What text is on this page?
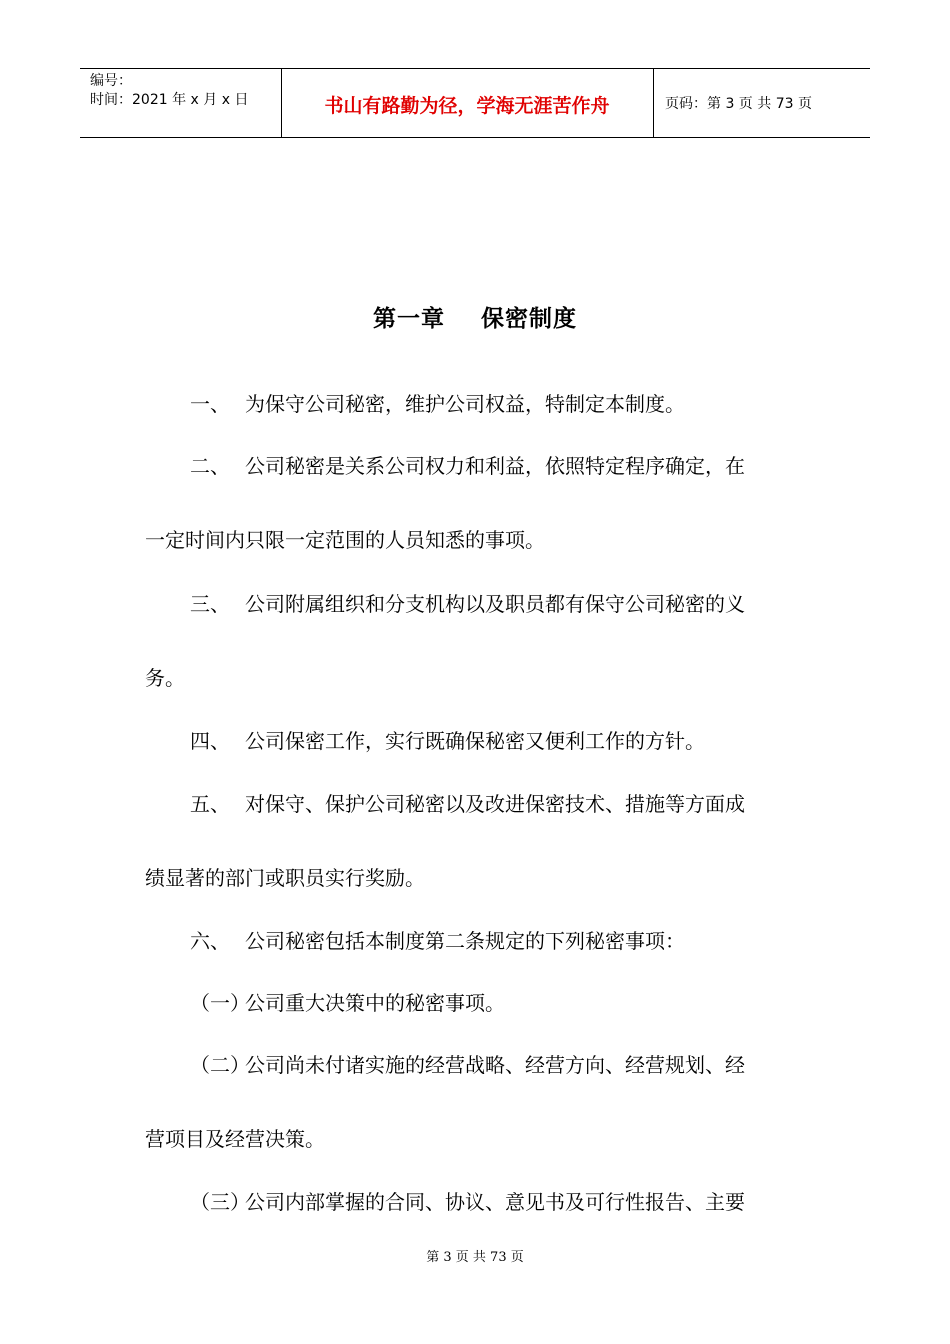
编号：
时间：2021 年 x 月 x 日	书山有路勤为径，学海无涯苦作舟	页码：第 3 页 共 73 页
第一章    保密制度
一、 为保守公司秘密，维护公司权益，特制定本制度。
二、 公司秘密是关系公司权力和利益，依照特定程序确定，在
一定时间内只限一定范围的人员知悉的事项。
三、 公司附属组织和分支机构以及职员都有保守公司秘密的义
务。
四、 公司保密工作，实行既确保秘密又便利工作的方针。
五、 对保守、保护公司秘密以及改进保密技术、措施等方面成
绩显著的部门或职员实行奖励。
六、 公司秘密包括本制度第二条规定的下列秘密事项：
（一）公司重大决策中的秘密事项。
（二）公司尚未付诸实施的经营战略、经营方向、经营规划、经
营项目及经营决策。
（三）公司内部掌握的合同、协议、意见书及可行性报告、主要
第 3 页 共 73 页
